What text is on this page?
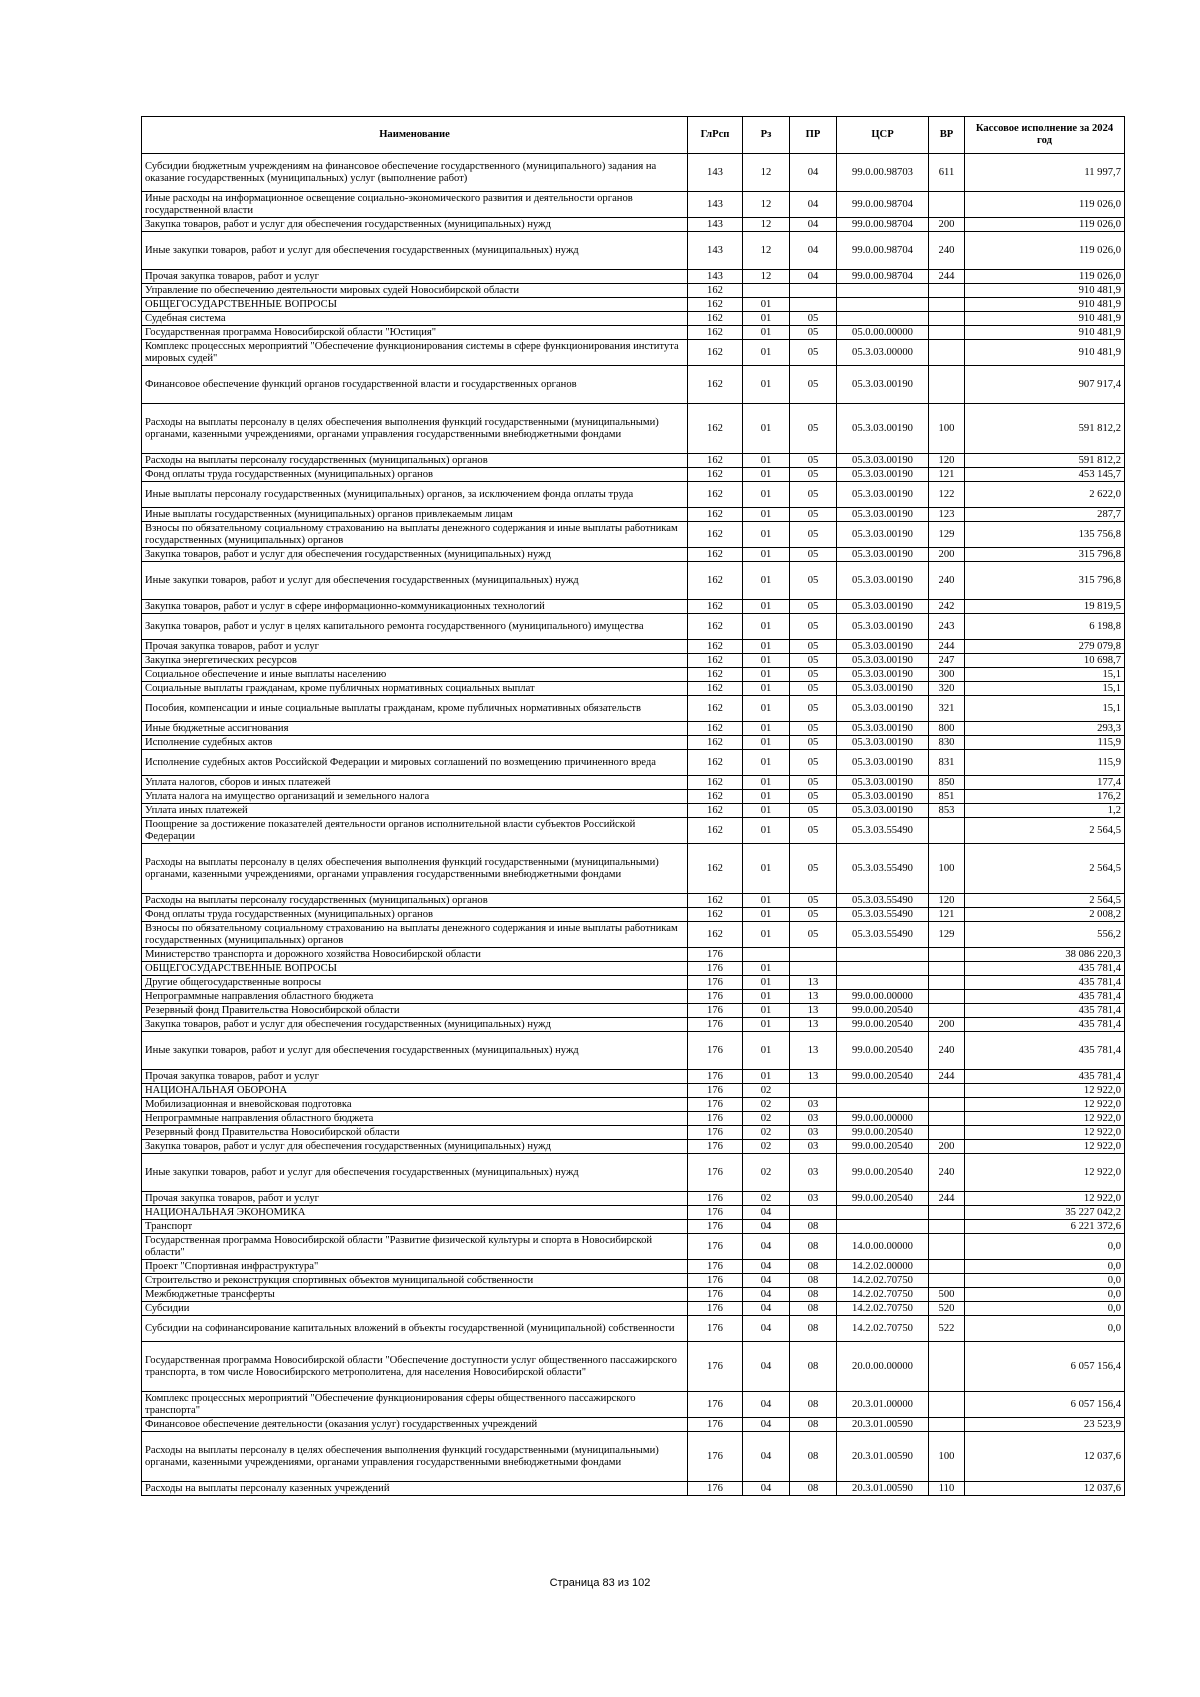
Наименование	ГлРсп	Рз	ПР	ЦСР	ВР	Кассовое исполнение за 2024 год
Субсидии бюджетным учреждениям на финансовое обеспечение государственного (муниципального) задания на оказание государственных (муниципальных) услуг (выполнение работ)	143	12	04	99.0.00.98703	611	11 997,7
Иные расходы на информационное освещение социально-экономического развития и деятельности органов государственной власти	143	12	04	99.0.00.98704		119 026,0
Закупка товаров, работ и услуг для обеспечения государственных (муниципальных) нужд	143	12	04	99.0.00.98704	200	119 026,0
Иные закупки товаров, работ и услуг для обеспечения государственных (муниципальных) нужд	143	12	04	99.0.00.98704	240	119 026,0
Прочая закупка товаров, работ и услуг	143	12	04	99.0.00.98704	244	119 026,0
Управление по обеспечению деятельности мировых судей Новосибирской области	162					910 481,9
ОБЩЕГОСУДАРСТВЕННЫЕ ВОПРОСЫ	162	01				910 481,9
Судебная система	162	01	05			910 481,9
Государственная программа Новосибирской области "Юстиция"	162	01	05	05.0.00.00000		910 481,9
Комплекс процессных мероприятий "Обеспечение функционирования системы в сфере функционирования института мировых судей"	162	01	05	05.3.03.00000		910 481,9
Финансовое обеспечение функций органов государственной власти и государственных органов	162	01	05	05.3.03.00190		907 917,4
Расходы на выплаты персоналу в целях обеспечения выполнения функций государственными (муниципальными) органами, казенными учреждениями, органами управления государственными внебюджетными фондами	162	01	05	05.3.03.00190	100	591 812,2
Расходы на выплаты персоналу государственных (муниципальных) органов	162	01	05	05.3.03.00190	120	591 812,2
Фонд оплаты труда государственных (муниципальных) органов	162	01	05	05.3.03.00190	121	453 145,7
Иные выплаты персоналу государственных (муниципальных) органов, за исключением фонда оплаты труда	162	01	05	05.3.03.00190	122	2 622,0
Иные выплаты государственных (муниципальных) органов привлекаемым лицам	162	01	05	05.3.03.00190	123	287,7
Взносы по обязательному социальному страхованию на выплаты денежного содержания и иные выплаты работникам государственных (муниципальных) органов	162	01	05	05.3.03.00190	129	135 756,8
Закупка товаров, работ и услуг для обеспечения государственных (муниципальных) нужд	162	01	05	05.3.03.00190	200	315 796,8
Иные закупки товаров, работ и услуг для обеспечения государственных (муниципальных) нужд	162	01	05	05.3.03.00190	240	315 796,8
Закупка товаров, работ и услуг в сфере информационно-коммуникационных технологий	162	01	05	05.3.03.00190	242	19 819,5
Закупка товаров, работ и услуг в целях капитального ремонта государственного (муниципального) имущества	162	01	05	05.3.03.00190	243	6 198,8
Прочая закупка товаров, работ и услуг	162	01	05	05.3.03.00190	244	279 079,8
Закупка энергетических ресурсов	162	01	05	05.3.03.00190	247	10 698,7
Социальное обеспечение и иные выплаты населению	162	01	05	05.3.03.00190	300	15,1
Социальные выплаты гражданам, кроме публичных нормативных социальных выплат	162	01	05	05.3.03.00190	320	15,1
Пособия, компенсации и иные социальные выплаты гражданам, кроме публичных нормативных обязательств	162	01	05	05.3.03.00190	321	15,1
Иные бюджетные ассигнования	162	01	05	05.3.03.00190	800	293,3
Исполнение судебных актов	162	01	05	05.3.03.00190	830	115,9
Исполнение судебных актов Российской Федерации и мировых соглашений по возмещению причиненного вреда	162	01	05	05.3.03.00190	831	115,9
Уплата налогов, сборов и иных платежей	162	01	05	05.3.03.00190	850	177,4
Уплата налога на имущество организаций и земельного налога	162	01	05	05.3.03.00190	851	176,2
Уплата иных платежей	162	01	05	05.3.03.00190	853	1,2
Поощрение за достижение показателей деятельности органов исполнительной власти субъектов Российской Федерации	162	01	05	05.3.03.55490		2 564,5
Расходы на выплаты персоналу в целях обеспечения выполнения функций государственными (муниципальными) органами, казенными учреждениями, органами управления государственными внебюджетными фондами	162	01	05	05.3.03.55490	100	2 564,5
Расходы на выплаты персоналу государственных (муниципальных) органов	162	01	05	05.3.03.55490	120	2 564,5
Фонд оплаты труда государственных (муниципальных) органов	162	01	05	05.3.03.55490	121	2 008,2
Взносы по обязательному социальному страхованию на выплаты денежного содержания и иные выплаты работникам государственных (муниципальных) органов	162	01	05	05.3.03.55490	129	556,2
Министерство транспорта и дорожного хозяйства Новосибирской области	176					38 086 220,3
ОБЩЕГОСУДАРСТВЕННЫЕ ВОПРОСЫ	176	01				435 781,4
Другие общегосударственные вопросы	176	01	13			435 781,4
Непрограммные направления областного бюджета	176	01	13	99.0.00.00000		435 781,4
Резервный фонд Правительства Новосибирской области	176	01	13	99.0.00.20540		435 781,4
Закупка товаров, работ и услуг для обеспечения государственных (муниципальных) нужд	176	01	13	99.0.00.20540	200	435 781,4
Иные закупки товаров, работ и услуг для обеспечения государственных (муниципальных) нужд	176	01	13	99.0.00.20540	240	435 781,4
Прочая закупка товаров, работ и услуг	176	01	13	99.0.00.20540	244	435 781,4
НАЦИОНАЛЬНАЯ ОБОРОНА	176	02				12 922,0
Мобилизационная и вневойсковая подготовка	176	02	03			12 922,0
Непрограммные направления областного бюджета	176	02	03	99.0.00.00000		12 922,0
Резервный фонд Правительства Новосибирской области	176	02	03	99.0.00.20540		12 922,0
Закупка товаров, работ и услуг для обеспечения государственных (муниципальных) нужд	176	02	03	99.0.00.20540	200	12 922,0
Иные закупки товаров, работ и услуг для обеспечения государственных (муниципальных) нужд	176	02	03	99.0.00.20540	240	12 922,0
Прочая закупка товаров, работ и услуг	176	02	03	99.0.00.20540	244	12 922,0
НАЦИОНАЛЬНАЯ ЭКОНОМИКА	176	04				35 227 042,2
Транспорт	176	04	08			6 221 372,6
Государственная программа Новосибирской области "Развитие физической культуры и спорта в Новосибирской области"	176	04	08	14.0.00.00000		0,0
Проект "Спортивная инфраструктура"	176	04	08	14.2.02.00000		0,0
Строительство и реконструкция спортивных объектов муниципальной собственности	176	04	08	14.2.02.70750		0,0
Межбюджетные трансферты	176	04	08	14.2.02.70750	500	0,0
Субсидии	176	04	08	14.2.02.70750	520	0,0
Субсидии на софинансирование капитальных вложений в объекты государственной (муниципальной) собственности	176	04	08	14.2.02.70750	522	0,0
Государственная программа Новосибирской области "Обеспечение доступности услуг общественного пассажирского транспорта, в том числе Новосибирского метрополитена, для населения Новосибирской области"	176	04	08	20.0.00.00000		6 057 156,4
Комплекс процессных мероприятий "Обеспечение функционирования сферы общественного пассажирского транспорта"	176	04	08	20.3.01.00000		6 057 156,4
Финансовое обеспечение деятельности (оказания услуг) государственных учреждений	176	04	08	20.3.01.00590		23 523,9
Расходы на выплаты персоналу в целях обеспечения выполнения функций государственными (муниципальными) органами, казенными учреждениями, органами управления государственными внебюджетными фондами	176	04	08	20.3.01.00590	100	12 037,6
Расходы на выплаты персоналу казенных учреждений	176	04	08	20.3.01.00590	110	12 037,6
Страница 83 из 102
